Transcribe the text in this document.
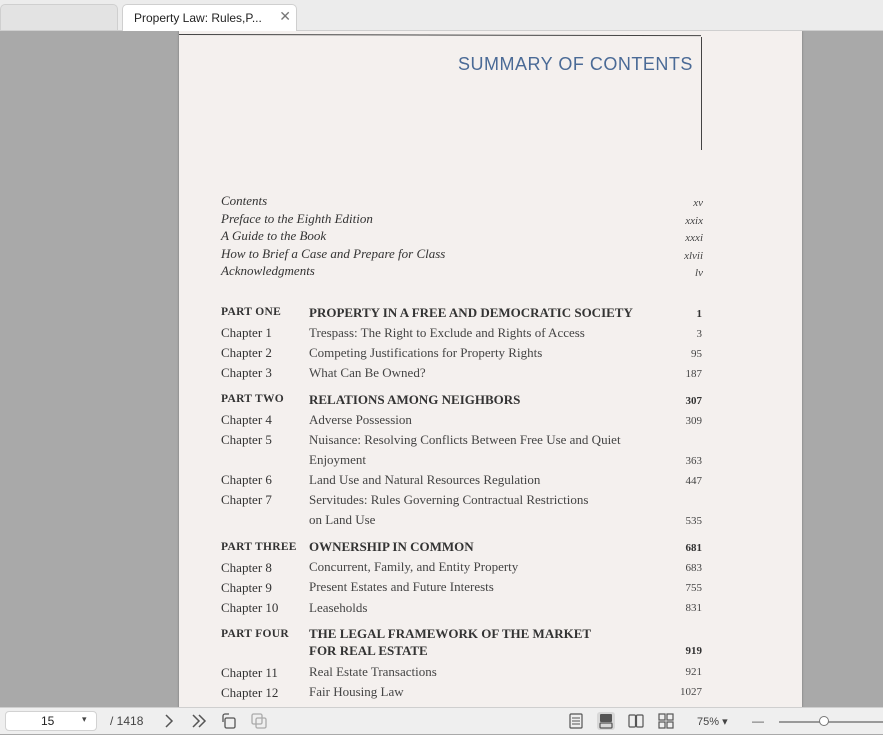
Property Law: Rules,P... ✕
SUMMARY OF CONTENTS
Contents	xv
Preface to the Eighth Edition	xxix
A Guide to the Book	xxxi
How to Brief a Case and Prepare for Class	xlvii
Acknowledgments	lv
PART ONE PROPERTY IN A FREE AND DEMOCRATIC SOCIETY	1
Chapter 1	Trespass: The Right to Exclude and Rights of Access	3
Chapter 2	Competing Justifications for Property Rights	95
Chapter 3	What Can Be Owned?	187
PART TWO RELATIONS AMONG NEIGHBORS	307
Chapter 4	Adverse Possession	309
Chapter 5	Nuisance: Resolving Conflicts Between Free Use and Quiet
Enjoyment	363
Chapter 6	Land Use and Natural Resources Regulation	447
Chapter 7	Servitudes: Rules Governing Contractual Restrictions
on Land Use	535
PART THREE OWNERSHIP IN COMMON	681
Chapter 8	Concurrent, Family, and Entity Property	683
Chapter 9	Present Estates and Future Interests	755
Chapter 10 Leaseholds	831
PART FOUR THE LEGAL FRAMEWORK OF THE MARKET
FOR REAL ESTATE	919
Chapter 11 Real Estate Transactions	921
Chapter 12 Fair Housing Law	1027
15	▾ / 1418	75% ▾ —
